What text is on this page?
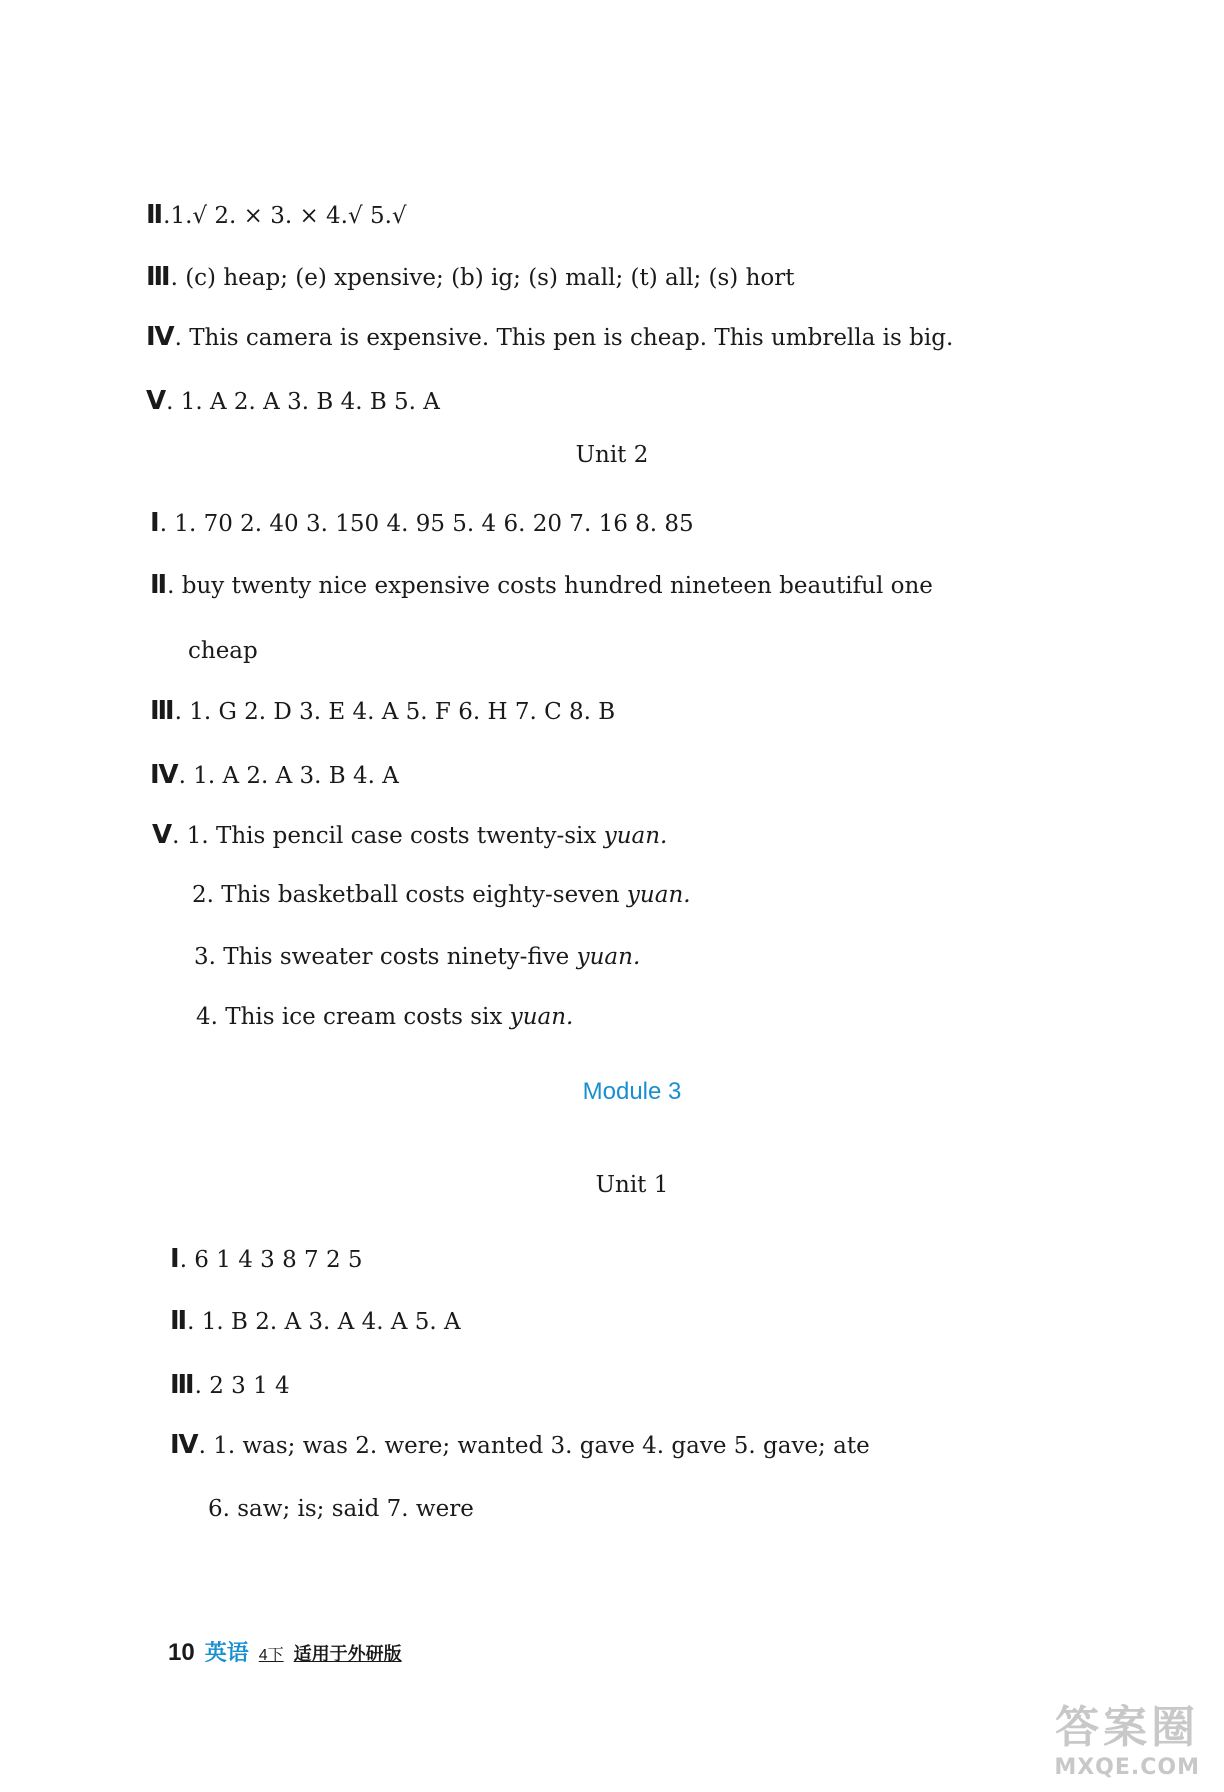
Ⅱ.1.√ 2. × 3. × 4.√ 5.√
Ⅲ. (c) heap; (e) xpensive; (b) ig; (s) mall; (t) all; (s) hort
Ⅳ. This camera is expensive. This pen is cheap. This umbrella is big.
Ⅴ. 1. A 2. A 3. B 4. B 5. A
Unit 2
Ⅰ. 1. 70 2. 40 3. 150 4. 95 5. 4 6. 20 7. 16 8. 85
Ⅱ. buy twenty nice expensive costs hundred nineteen beautiful one
cheap
Ⅲ. 1. G 2. D 3. E 4. A 5. F 6. H 7. C 8. B
Ⅳ. 1. A 2. A 3. B 4. A
Ⅴ. 1. This pencil case costs twenty-six yuan.
2. This basketball costs eighty-seven yuan.
3. This sweater costs ninety-five yuan.
4. This ice cream costs six yuan.
Module 3
Unit 1
Ⅰ. 6 1 4 3 8 7 2 5
Ⅱ. 1. B 2. A 3. A 4. A 5. A
Ⅲ. 2 3 1 4
Ⅳ. 1. was; was 2. were; wanted 3. gave 4. gave 5. gave; ate
6. saw; is; said 7. were
10 英语 4下 适用于外研版
答案圈
MXQE.COM
